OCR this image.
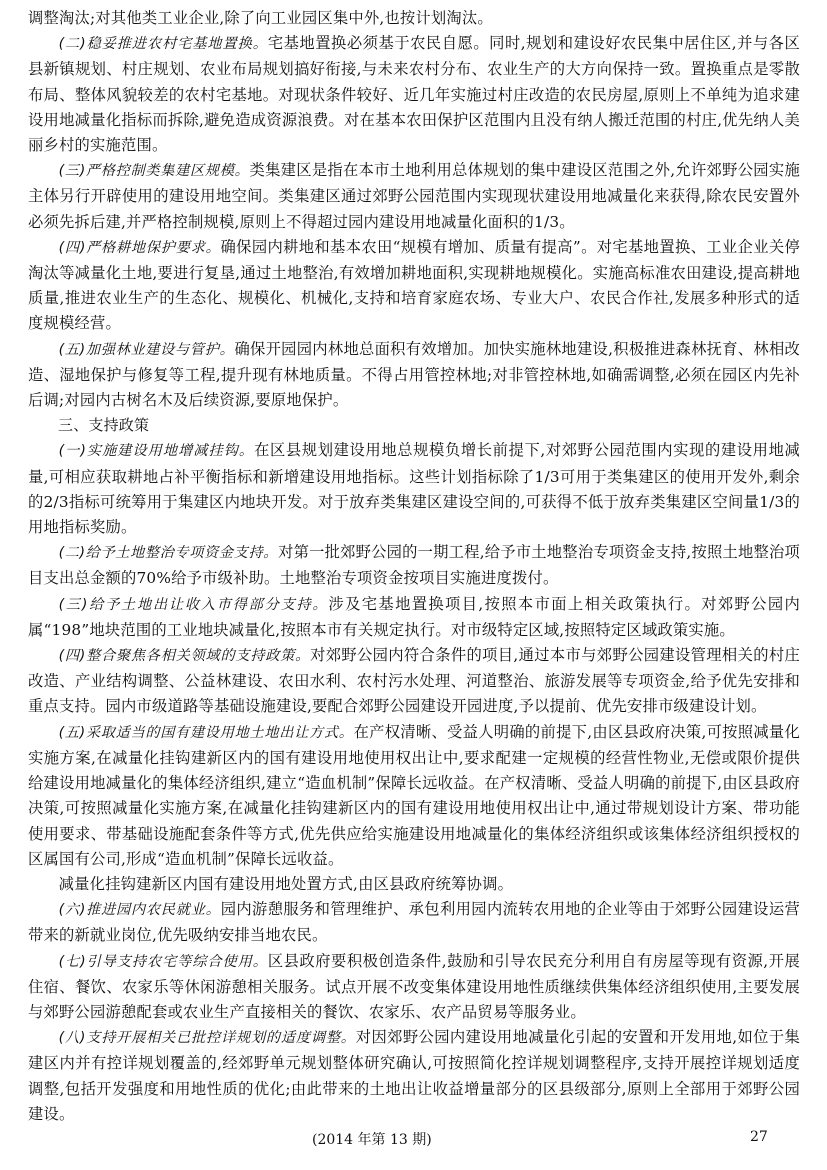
调整淘汰;对其他类工业企业,除了向工业园区集中外,也按计划淘汰。

(二)稳妥推进农村宅基地置换。宅基地置换必须基于农民自愿。同时,规划和建设好农民集中居住区,并与各区县新镇规划、村庄规划、农业布局规划搞好衔接,与未来农村分布、农业生产的大方向保持一致。置换重点是零散布局、整体风貌较差的农村宅基地。对现状条件较好、近几年实施过村庄改造的农民房屋,原则上不单纯为追求建设用地减量化指标而拆除,避免造成资源浪费。对在基本农田保护区范围内且没有纳人搬迁范围的村庄,优先纳人美丽乡村的实施范围。

(三)严格控制类集建区规模。类集建区是指在本市土地利用总体规划的集中建设区范围之外,允许郊野公园实施主体另行开辟使用的建设用地空间。类集建区通过郊野公园范围内实现现状建设用地减量化来获得,除农民安置外必须先拆后建,并严格控制规模,原则上不得超过园内建设用地减量化面积的1/3。

(四)严格耕地保护要求。确保园内耕地和基本农田“规模有增加、质量有提高”。对宅基地置换、工业企业关停淘汰等减量化土地,要进行复垦,通过土地整治,有效增加耕地面积,实现耕地规模化。实施高标准农田建设,提高耕地质量,推进农业生产的生态化、规模化、机械化,支持和培育家庭农场、专业大户、农民合作社,发展多种形式的适度规模经营。

(五)加强林业建设与管护。确保开园园内林地总面积有效增加。加快实施林地建设,积极推进森林抚育、林相改造、湿地保护与修复等工程,提升现有林地质量。不得占用管控林地;对非管控林地,如确需调整,必须在园区内先补后调;对园内古树名木及后续资源,要原地保护。

三、支持政策

(一)实施建设用地增减挂钩。在区县规划建设用地总规模负增长前提下,对郊野公园范围内实现的建设用地减量,可相应获取耕地占补平衡指标和新增建设用地指标。这些计划指标除了1/3可用于类集建区的使用开发外,剩余的2/3指标可统筹用于集建区内地块开发。对于放弃类集建区建设空间的,可获得不低于放弃类集建区空间量1/3的用地指标奖励。

(二)给予土地整治专项资金支持。对第一批郊野公园的一期工程,给予市土地整治专项资金支持,按照土地整治项目支出总金额的70%给予市级补助。土地整治专项资金按项目实施进度拨付。

(三)给予土地出让收入市得部分支持。涉及宅基地置换项目,按照本市面上相关政策执行。对郊野公园内属“198”地块范围的工业地块减量化,按照本市有关规定执行。对市级特定区域,按照特定区域政策实施。

(四)整合聚焦各相关领域的支持政策。对郊野公园内符合条件的项目,通过本市与郊野公园建设管理相关的村庄改造、产业结构调整、公益林建设、农田水利、农村污水处理、河道整治、旅游发展等专项资金,给予优先安排和重点支持。园内市级道路等基础设施建设,要配合郊野公园建设开园进度,予以提前、优先安排市级建设计划。

(五)采取适当的国有建设用地土地出让方式。在产权清晰、受益人明确的前提下,由区县政府决策,可按照减量化实施方案,在减量化挂钩建新区内的国有建设用地使用权出让中,要求配建一定规模的经营性物业,无偿或限价提供给建设用地减量化的集体经济组织,建立“造血机制”保障长远收益。在产权清晰、受益人明确的前提下,由区县政府决策,可按照减量化实施方案,在减量化挂钩建新区内的国有建设用地使用权出让中,通过带规划设计方案、带功能使用要求、带基础设施配套条件等方式,优先供应给实施建设用地减量化的集体经济组织或该集体经济组织授权的区属国有公司,形成“造血机制”保障长远收益。

减量化挂钩建新区内国有建设用地处置方式,由区县政府统筹协调。

(六)推进园内农民就业。园内游憩服务和管理维护、承包利用园内流转农用地的企业等由于郊野公园建设运营带来的新就业岗位,优先吸纳安排当地农民。

(七)引导支持农宅等综合使用。区县政府要积极创造条件,鼓励和引导农民充分利用自有房屋等现有资源,开展住宿、餐饮、农家乐等休闲游憩相关服务。试点开展不改变集体建设用地性质继续供集体经济组织使用,主要发展与郊野公园游憩配套或农业生产直接相关的餐饮、农家乐、农产品贸易等服务业。

(八)支持开展相关已批控详规划的适度调整。对因郊野公园内建设用地减量化引起的安置和开发用地,如位于集建区内并有控详规划覆盖的,经郊野单元规划整体研究确认,可按照简化控详规划调整程序,支持开展控详规划适度调整,包括开发强度和用地性质的优化;由此带来的土地出让收益增量部分的区县级部分,原则上全部用于郊野公园建设。

(2014 年第 13 期)	27
